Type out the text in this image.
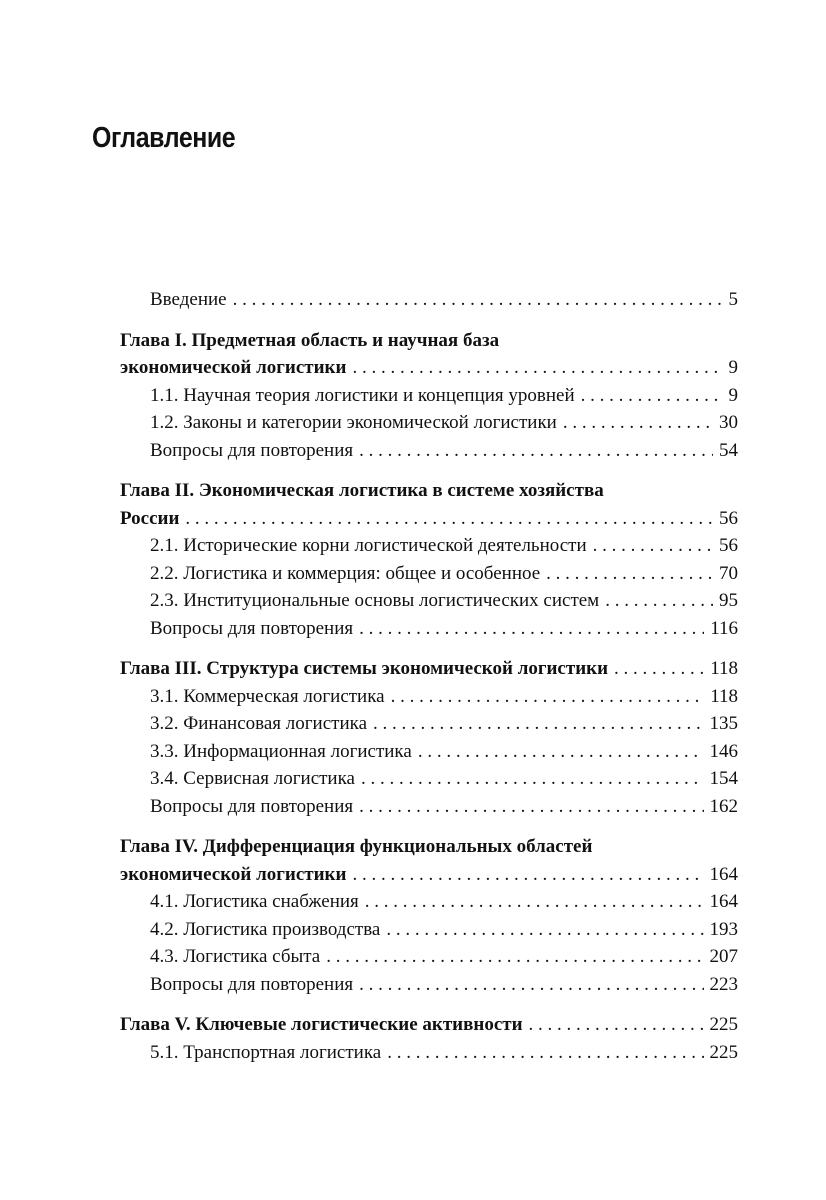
Оглавление
Введение . . .	5
Глава I. Предметная область и научная база
экономической логистики . . .	9
1.1. Научная теория логистики и концепция уровней . . .	9
1.2. Законы и категории экономической логистики . . .	30
Вопросы для повторения . . .	54
Глава II. Экономическая логистика в системе хозяйства
России . . .	56
2.1. Исторические корни логистической деятельности . . .	56
2.2. Логистика и коммерция: общее и особенное . . .	70
2.3. Институциональные основы логистических систем . . .	95
Вопросы для повторения . . .	116
Глава III. Структура системы экономической логистики . . .	118
3.1. Коммерческая логистика . . .	118
3.2. Финансовая логистика . . .	135
3.3. Информационная логистика . . .	146
3.4. Сервисная логистика . . .	154
Вопросы для повторения . . .	162
Глава IV. Дифференциация функциональных областей
экономической логистики . . .	164
4.1. Логистика снабжения . . .	164
4.2. Логистика производства . . .	193
4.3. Логистика сбыта . . .	207
Вопросы для повторения . . .	223
Глава V. Ключевые логистические активности . . .	225
5.1. Транспортная логистика . . .	225
